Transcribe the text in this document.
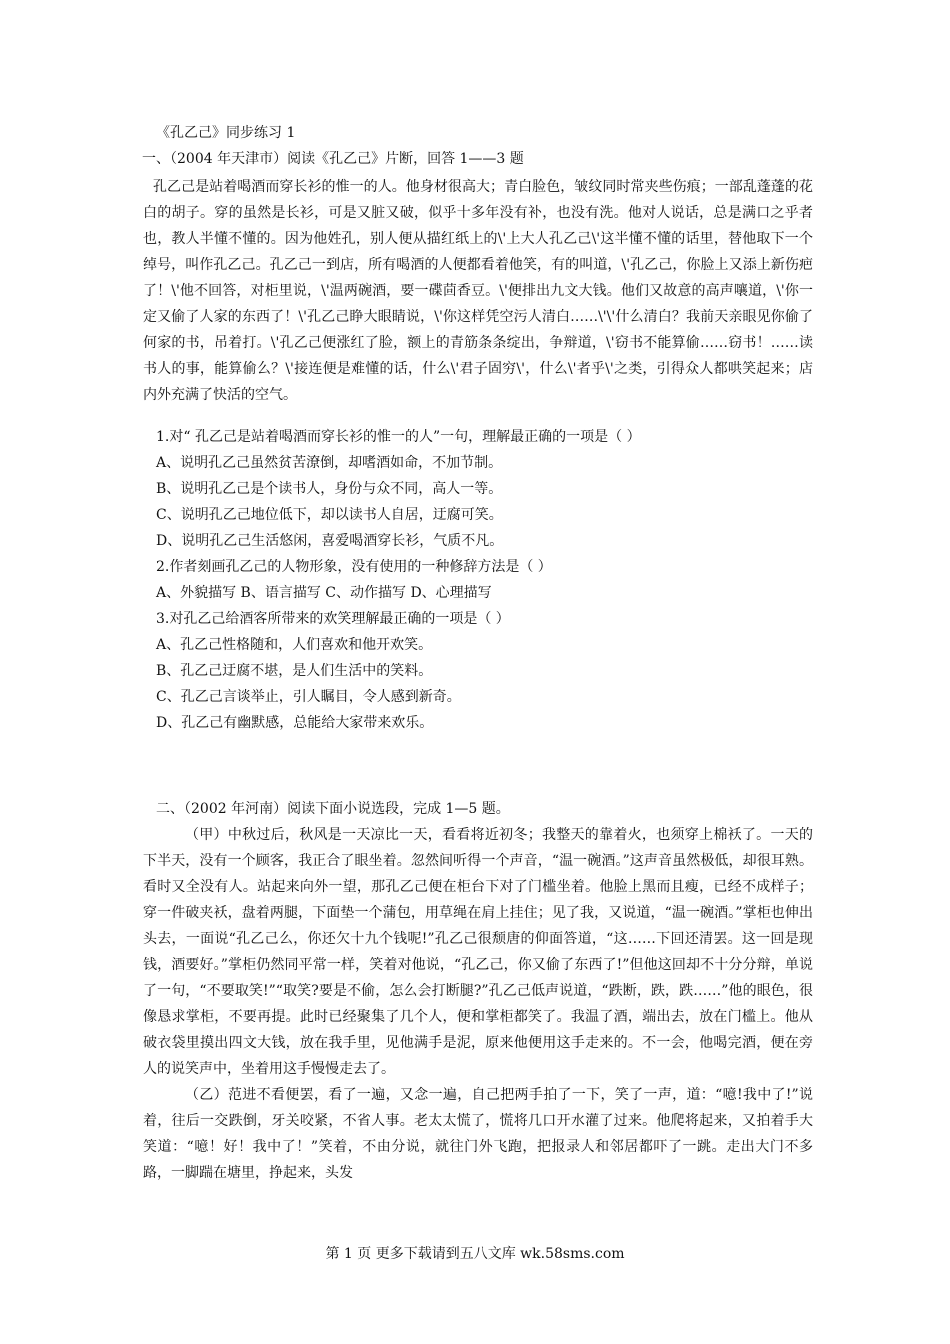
《孔乙己》同步练习 1
一、（2004 年天津市）阅读《孔乙己》片断，回答 1——3 题

孔乙己是站着喝酒而穿长衫的惟一的人。他身材很高大；青白脸色，皱纹同时常夹些伤痕；一部乱蓬蓬的花白的胡子。穿的虽然是长衫，可是又脏又破，似乎十多年没有补，也没有洗。他对人说话，总是满口之乎者也，教人半懂不懂的。因为他姓孔，别人便从描红纸上的\'上大人孔乙己\'这半懂不懂的话里，替他取下一个绰号，叫作孔乙己。孔乙己一到店，所有喝酒的人便都看着他笑，有的叫道，\'孔乙己，你脸上又添上新伤疤了！\'他不回答，对柜里说，\'温两碗酒，要一碟茴香豆。\'便排出九文大钱。他们又故意的高声嚷道，\'你一定又偷了人家的东西了！\'孔乙己睁大眼睛说，\'你这样凭空污人清白……\'\'什么清白？我前天亲眼见你偷了何家的书，吊着打。\'孔乙己便涨红了脸，额上的青筋条条绽出，争辩道，\'窃书不能算偷……窃书！……读书人的事，能算偷么？\'接连便是难懂的话，什么\'君子固穷\'，什么\'者乎\'之类，引得众人都哄笑起来；店内外充满了快活的空气。

1.对“ 孔乙己是站着喝酒而穿长衫的惟一的人”一句，理解最正确的一项是（ ）
A、说明孔乙己虽然贫苦潦倒，却嗜酒如命，不加节制。
B、说明孔乙己是个读书人，身份与众不同，高人一等。
C、说明孔乙己地位低下，却以读书人自居，迂腐可笑。
D、说明孔乙己生活悠闲，喜爱喝酒穿长衫，气质不凡。
2.作者刻画孔乙己的人物形象，没有使用的一种修辞方法是（ ）
A、外貌描写 B、语言描写 C、动作描写 D、心理描写
3.对孔乙己给酒客所带来的欢笑理解最正确的一项是（ ）
A、孔乙己性格随和，人们喜欢和他开欢笑。
B、孔乙己迂腐不堪，是人们生活中的笑料。
C、孔乙己言谈举止，引人瞩目，令人感到新奇。
D、孔乙己有幽默感，总能给大家带来欢乐。
二、（2002 年河南）阅读下面小说选段，完成 1—5 题。

（甲）中秋过后，秋风是一天凉比一天，看看将近初冬；我整天的靠着火，也须穿上棉袄了。一天的下半天，没有一个顾客，我正合了眼坐着。忽然间听得一个声音，“温一碗酒。”这声音虽然极低，却很耳熟。看时又全没有人。站起来向外一望，那孔乙己便在柜台下对了门槛坐着。他脸上黑而且瘦，已经不成样子；穿一件破夹袄，盘着两腿，下面垫一个蒲包，用草绳在肩上挂住；见了我，又说道，“温一碗酒。”掌柜也伸出头去，一面说“孔乙己么，你还欠十九个钱呢!”孔乙己很颓唐的仰面答道，“这……下回还清罢。这一回是现钱，酒要好。”掌柜仍然同平常一样，笑着对他说，“孔乙己，你又偷了东西了!”但他这回却不十分分辩，单说了一句，“不要取笑!”“取笑?要是不偷，怎么会打断腿?”孔乙己低声说道，“跌断，跌，跌……”他的眼色，很像恳求掌柜，不要再提。此时已经聚集了几个人，便和掌柜都笑了。我温了酒，端出去，放在门槛上。他从破衣袋里摸出四文大钱，放在我手里，见他满手是泥，原来他便用这手走来的。不一会，他喝完酒，便在旁人的说笑声中，坐着用这手慢慢走去了。

（乙）范进不看便罢，看了一遍，又念一遍，自己把两手拍了一下，笑了一声，道：“噫!我中了!”说着，往后一交跌倒，牙关咬紧，不省人事。老太太慌了，慌将几口开水灌了过来。他爬将起来，又拍着手大笑道：“噫！好！我中了！”笑着，不由分说，就往门外飞跑，把报录人和邻居都吓了一跳。走出大门不多路，一脚踹在塘里，挣起来，头发

第 1 页 更多下载请到五八文库 wk.58sms.com
